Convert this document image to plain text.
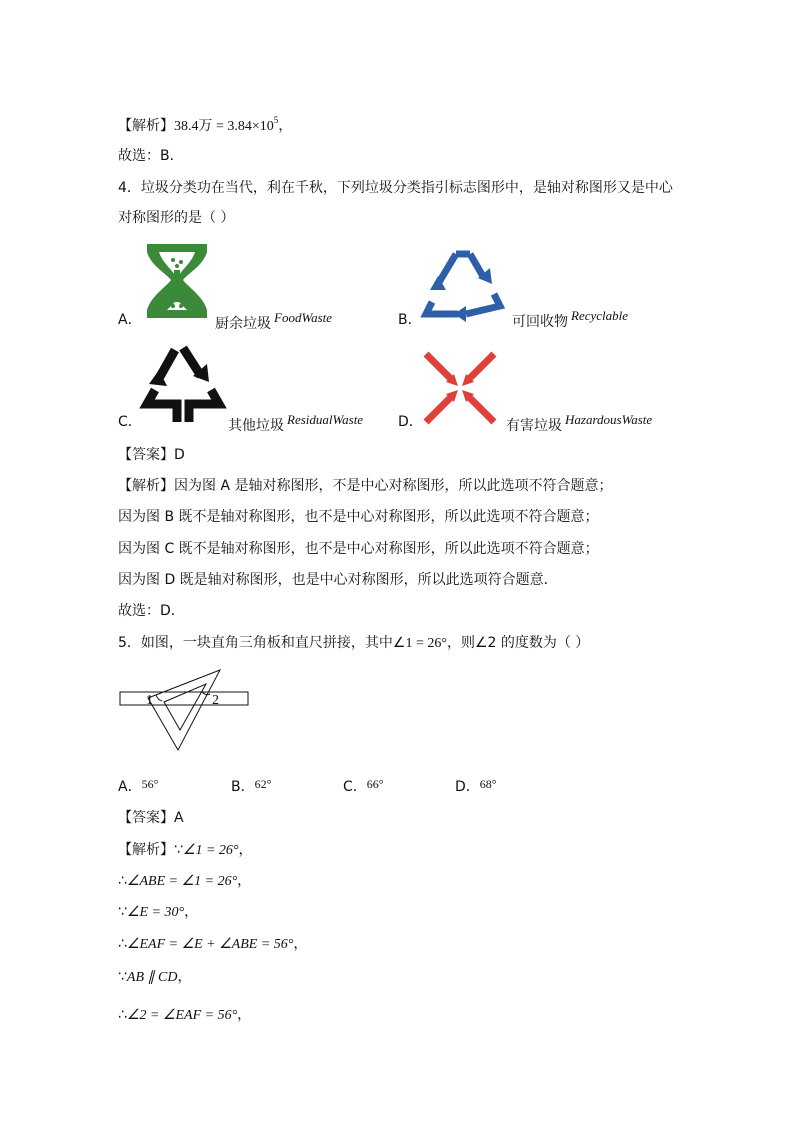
【解析】38.4万 = $3.84\times 10^5$，
故选：B．
4．垃圾分类功在当代，利在千秋，下列垃圾分类指引标志图形中，是轴对称图形又是中心
对称图形的是（ ）
A．	厨余垃圾 FoodWaste	B．	可回收物 Recyclable
C．	其他垃圾 ResidualWaste D．	有害垃圾 HazardousWaste
【答案】D
【解析】因为图 A 是轴对称图形，不是中心对称图形，所以此选项不符合题意；
因为图 B 既不是轴对称图形，也不是中心对称图形，所以此选项不符合题意；
因为图 C 既不是轴对称图形，也不是中心对称图形，所以此选项不符合题意；
因为图 D 既是轴对称图形，也是中心对称图形，所以此选项符合题意．
故选：D．
5．如图，一块直角三角板和直尺拼接，其中∠1 = 26°，则∠2 的度数为（ ）
1	2
A．56°	B．62°	C．66°	D．68°
【答案】A
【解析】∵∠1 = 26°，
∴∠ABE = ∠1 = 26°，
∵∠E = 30°，
∴∠EAF = ∠E + ∠ABE = 56°，
∵AB ∥ CD，
∴∠2 = ∠EAF = 56°，
